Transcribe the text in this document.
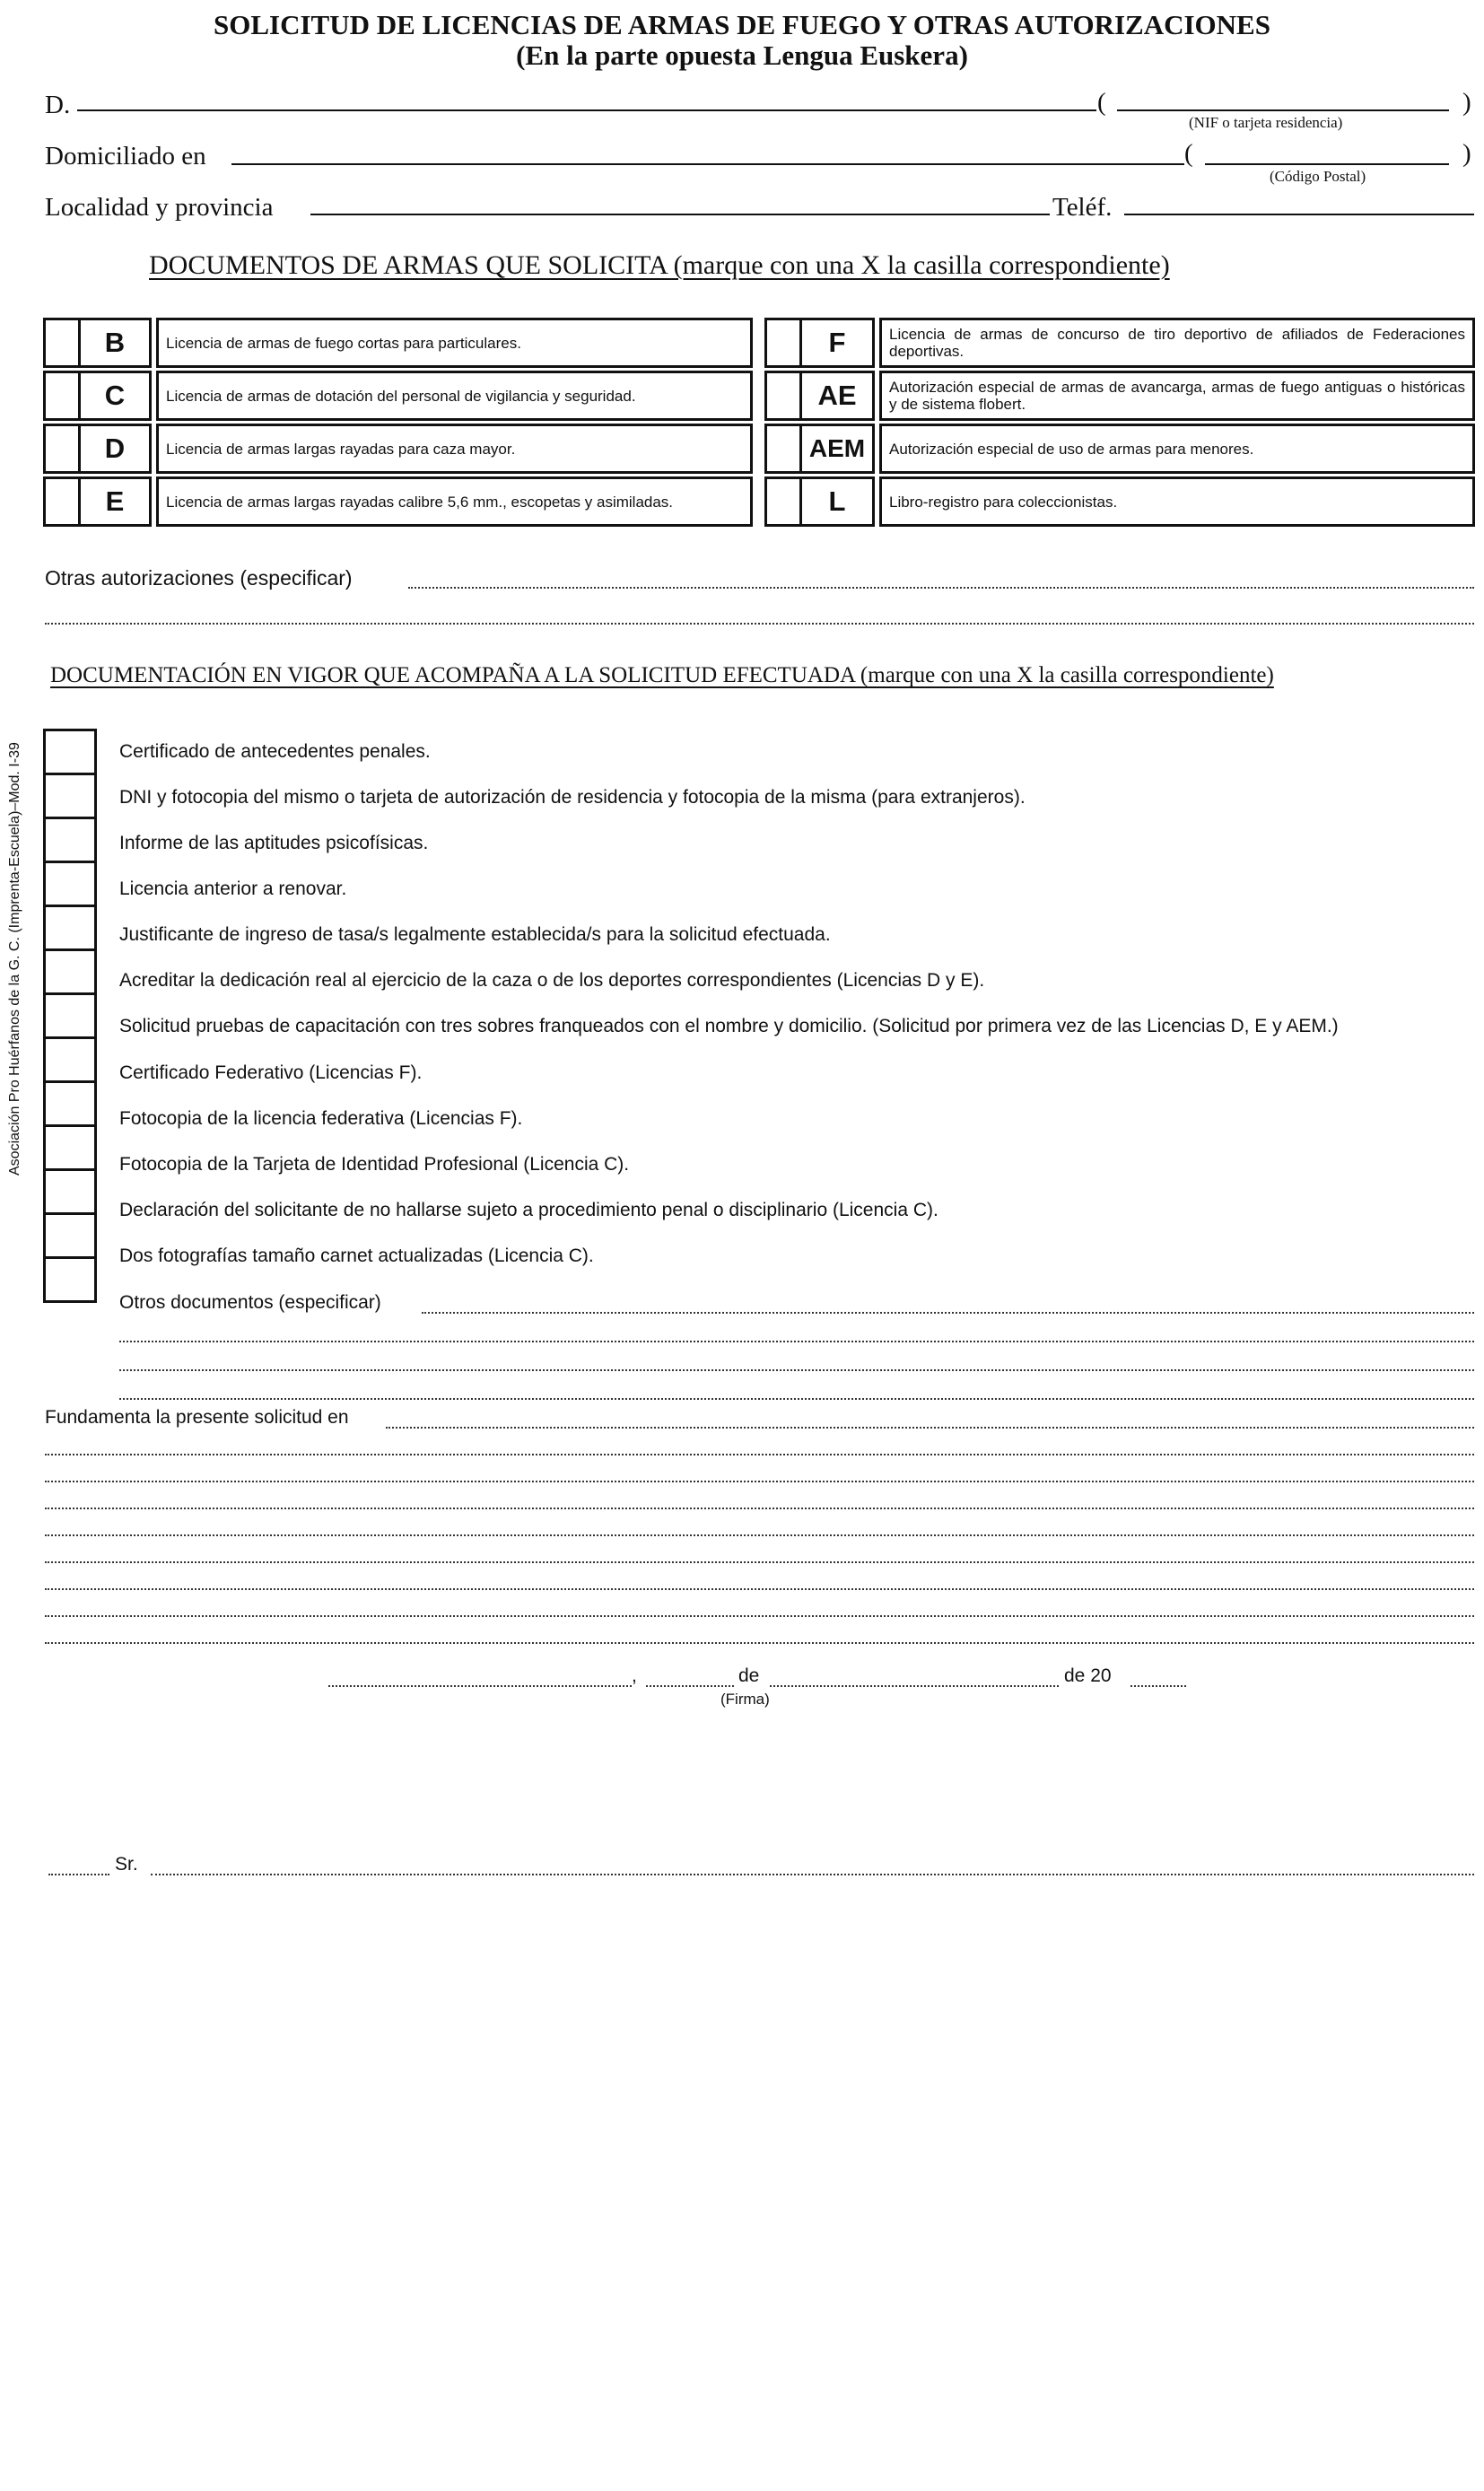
SOLICITUD DE LICENCIAS DE ARMAS DE FUEGO Y OTRAS AUTORIZACIONES
(En la parte opuesta Lengua Euskera)
D.	(	)
(NIF o tarjeta residencia)
Domiciliado en	(	)
(Código Postal)
Localidad y provincia	Teléf.
DOCUMENTOS DE ARMAS QUE SOLICITA (marque con una X la casilla correspondiente)
B	Licencia de armas de fuego cortas para particulares.
C	Licencia de armas de dotación del personal de vigilancia y seguridad.
D	Licencia de armas largas rayadas para caza mayor.
E	Licencia de armas largas rayadas calibre 5,6 mm., escopetas y asimiladas.
F	Licencia de armas de concurso de tiro deportivo de afiliados de Federaciones deportivas.
AE	Autorización especial de armas de avancarga, armas de fuego antiguas o históricas y de sistema flobert.
AEM	Autorización especial de uso de armas para menores.
L	Libro-registro para coleccionistas.
Otras autorizaciones (especificar)
DOCUMENTACIÓN EN VIGOR QUE ACOMPAÑA A LA SOLICITUD EFECTUADA (marque con una X la casilla correspondiente)
Certificado de antecedentes penales.
DNI y fotocopia del mismo o tarjeta de autorización de residencia y fotocopia de la misma (para extranjeros).
Informe de las aptitudes psicofísicas.
Licencia anterior a renovar.
Justificante de ingreso de tasa/s legalmente establecida/s para la solicitud efectuada.
Acreditar la dedicación real al ejercicio de la caza o de los deportes correspondientes (Licencias D y E).
Solicitud pruebas de capacitación con tres sobres franqueados con el nombre y domicilio. (Solicitud por primera vez de las Licencias D, E y AEM.)
Certificado Federativo (Licencias F).
Fotocopia de la licencia federativa (Licencias F).
Fotocopia de la Tarjeta de Identidad Profesional (Licencia C).
Declaración del solicitante de no hallarse sujeto a procedimiento penal o disciplinario (Licencia C).
Dos fotografías tamaño carnet actualizadas (Licencia C).
Otros documentos (especificar)
Fundamenta la presente solicitud en
,	de	de 20
(Firma)
Sr.
Asociación Pro Huérfanos de la G. C. (Imprenta-Escuela)–Mod. I-39
